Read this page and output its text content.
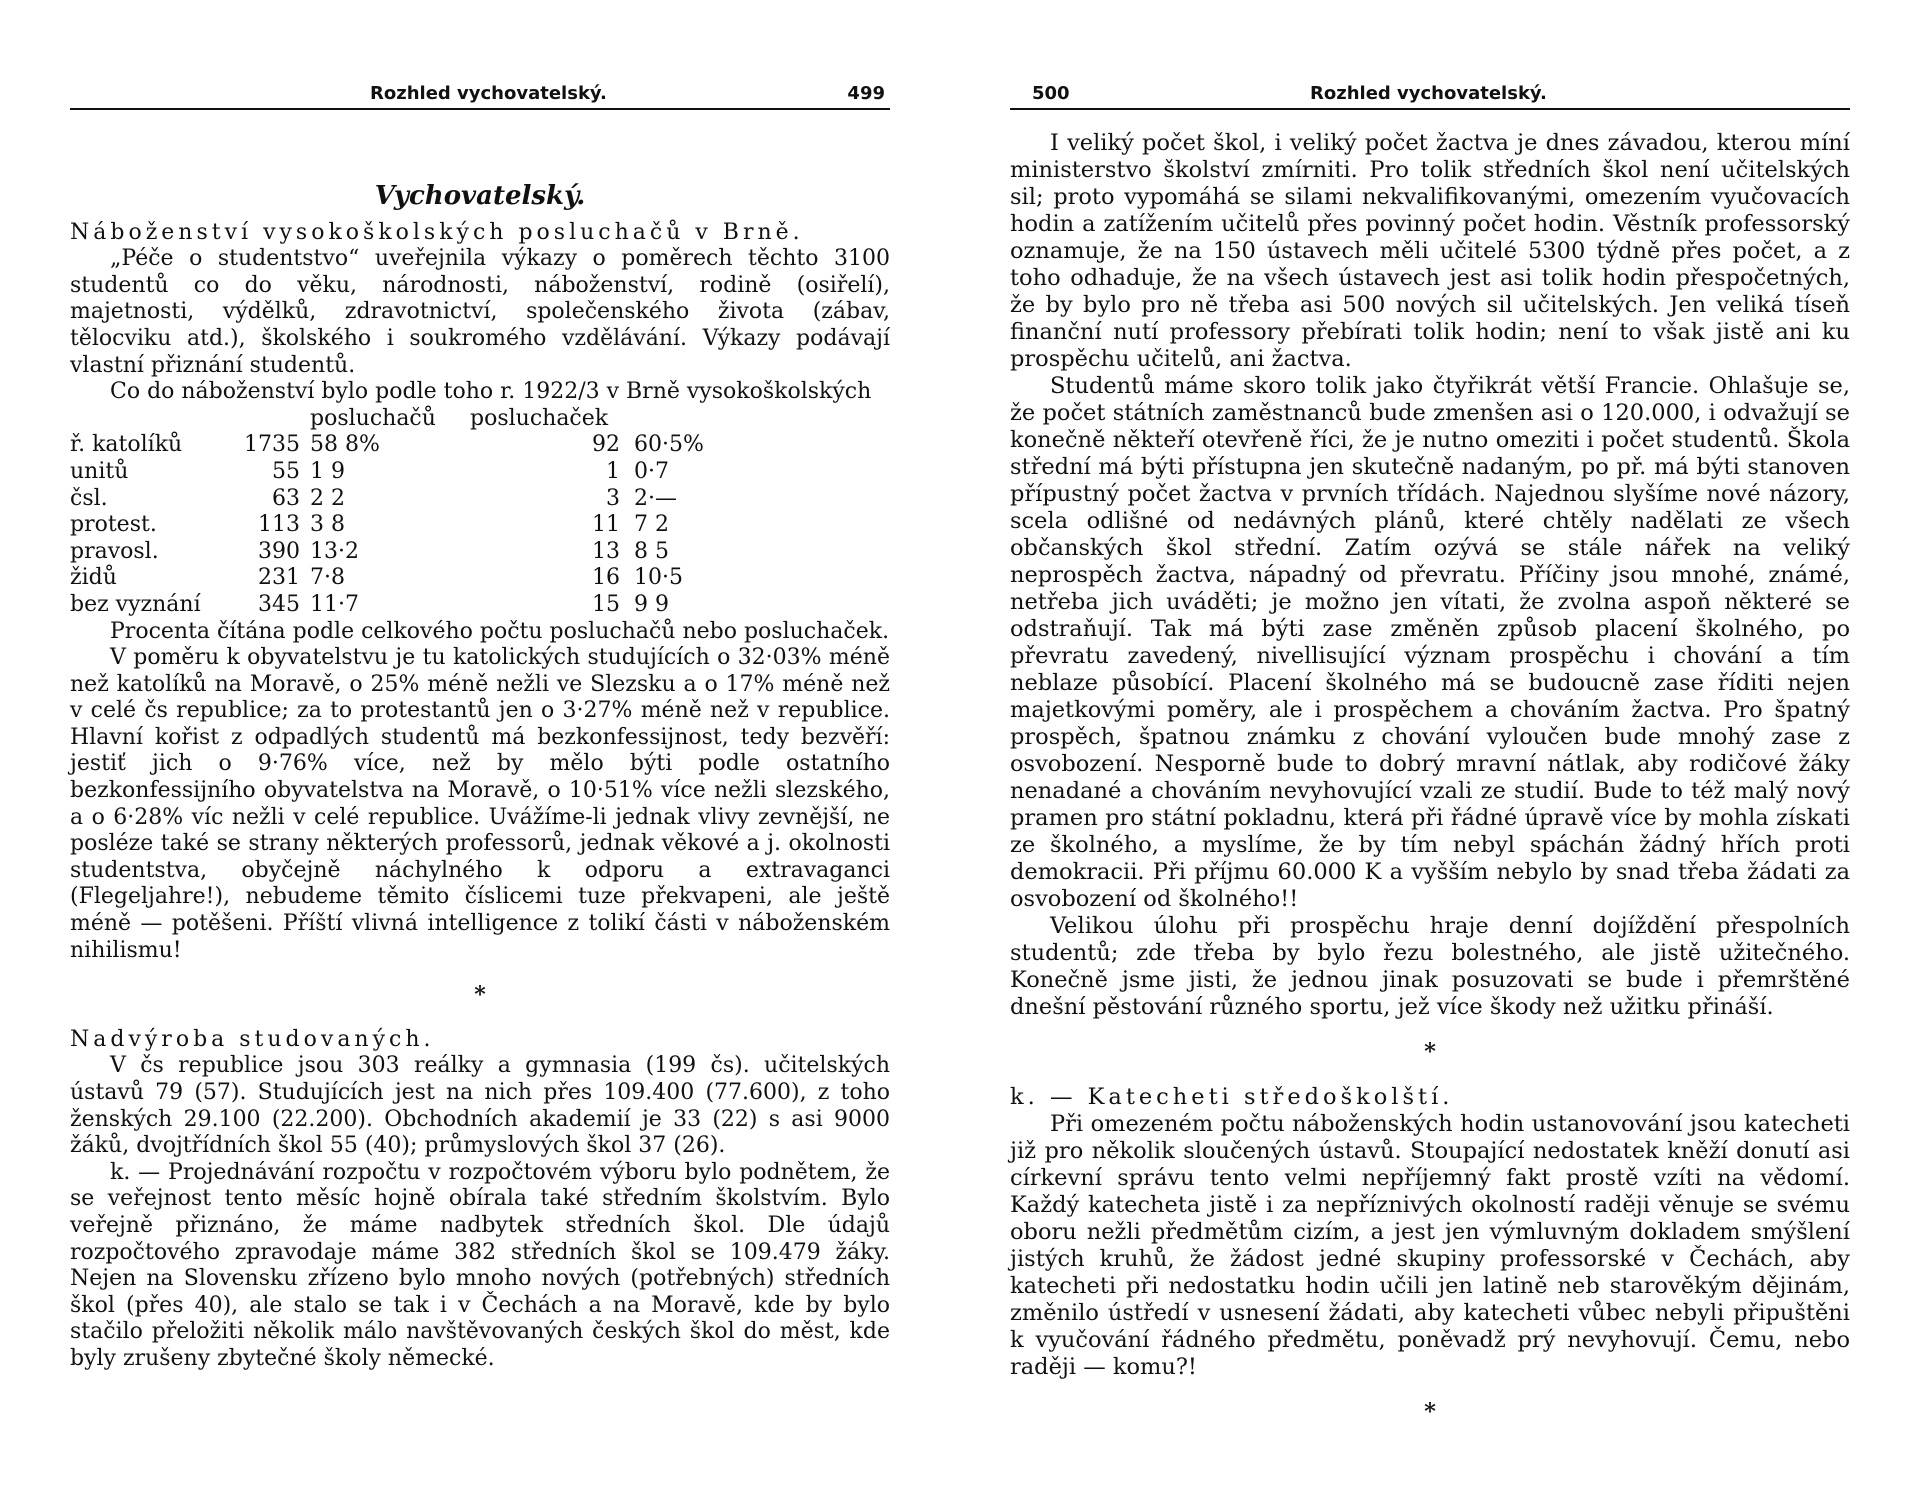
Rozhled vychovatelský.	499
Vychovatelský.
Náboženství vysokoškolských posluchačů v Brně.

„Péče o studentstvo“ uveřejnila výkazy o poměrech těchto 3100 studentů co do věku, národnosti, náboženství, rodině (osiřelí), majetnosti, výdělků, zdravotnictví, společenského života (zábav, tělocviku atd.), školského i soukromého vzdělávání. Výkazy podávají vlastní přiznání studentů.

Co do náboženství bylo podle toho r. 1922/3 v Brně vysokoškolských

		posluchačů	posluchaček	
ř. katolíků	1735	58 8%	92	60·5%
unitů	55	1 9	1	0·7
čsl.	63	2 2	3	2·—
protest.	113	3 8	11	7 2
pravosl.	390	13·2	13	8 5
židů	231	7·8	16	10·5
bez vyznání	345	11·7	15	9 9

Procenta čítána podle celkového počtu posluchačů nebo posluchaček.

V poměru k obyvatelstvu je tu katolických studujících o 32·03% méně než katolíků na Moravě, o 25% méně nežli ve Slezsku a o 17% méně než v celé čs republice; za to protestantů jen o 3·27% méně než v republice. Hlavní kořist z odpadlých studentů má bezkonfessijnost, tedy bezvěří: jestiť jich o 9·76% více, než by mělo býti podle ostatního bezkonfessijního obyvatelstva na Moravě, o 10·51% více nežli slezského, a o 6·28% víc nežli v celé republice. Uvážíme-li jednak vlivy zevnější, ne posléze také se strany některých professorů, jednak věkové a j. okolnosti studentstva, obyčejně náchylného k odporu a extravaganci (Flegeljahre!), nebudeme těmito číslicemi tuze překvapeni, ale ještě méně — potěšeni. Příští vlivná intelligence z tolikí části v náboženském nihilismu!

*
Nadvýroba studovaných.

V čs republice jsou 303 reálky a gymnasia (199 čs). učitelských ústavů 79 (57). Studujících jest na nich přes 109.400 (77.600), z toho ženských 29.100 (22.200). Obchodních akademií je 33 (22) s asi 9000 žáků, dvojtřídních škol 55 (40); průmyslových škol 37 (26).

k. — Projednávání rozpočtu v rozpočtovém výboru bylo podnětem, že se veřejnost tento měsíc hojně obírala také středním školstvím. Bylo veřejně přiznáno, že máme nadbytek středních škol. Dle údajů rozpočtového zpravodaje máme 382 středních škol se 109.479 žáky. Nejen na Slovensku zřízeno bylo mnoho nových (potřebných) středních škol (přes 40), ale stalo se tak i v Čechách a na Moravě, kde by bylo stačilo přeložiti několik málo navštěvovaných českých škol do měst, kde byly zrušeny zbytečné školy německé.

500	Rozhled vychovatelský.

I veliký počet škol, i veliký počet žactva je dnes závadou, kterou míní ministerstvo školství zmírniti. Pro tolik středních škol není učitelských sil; proto vypomáhá se silami nekvalifikovanými, omezením vyučovacích hodin a zatížením učitelů přes povinný počet hodin. Věstník professorský oznamuje, že na 150 ústavech měli učitelé 5300 týdně přes počet, a z toho odhaduje, že na všech ústavech jest asi tolik hodin přespočetných, že by bylo pro ně třeba asi 500 nových sil učitelských. Jen veliká tíseň finanční nutí professory přebírati tolik hodin; není to však jistě ani ku prospěchu učitelů, ani žactva.

Studentů máme skoro tolik jako čtyřikrát větší Francie. Ohlašuje se, že počet státních zaměstnanců bude zmenšen asi o 120.000, i odvažují se konečně někteří otevřeně říci, že je nutno omeziti i počet studentů. Škola střední má býti přístupna jen skutečně nadaným, po př. má býti stanoven přípustný počet žactva v prvních třídách. Najednou slyšíme nové názory, scela odlišné od nedávných plánů, které chtěly nadělati ze všech občanských škol střední. Zatím ozývá se stále nářek na veliký neprospěch žactva, nápadný od převratu. Příčiny jsou mnohé, známé, netřeba jich uváděti; je možno jen vítati, že zvolna aspoň některé se odstraňují. Tak má býti zase změněn způsob placení školného, po převratu zavedený, nivellisující význam prospěchu i chování a tím neblaze působící. Placení školného má se budoucně zase říditi nejen majetkovými poměry, ale i prospěchem a chováním žactva. Pro špatný prospěch, špatnou známku z chování vyloučen bude mnohý zase z osvobození. Nesporně bude to dobrý mravní nátlak, aby rodičové žáky nenadané a chováním nevyhovující vzali ze studií. Bude to též malý nový pramen pro státní pokladnu, která při řádné úpravě více by mohla získati ze školného, a myslíme, že by tím nebyl spáchán žádný hřích proti demokracii. Při příjmu 60.000 K a vyšším nebylo by snad třeba žádati za osvobození od školného!!

Velikou úlohu při prospěchu hraje denní dojíždění přespolních studentů; zde třeba by bylo řezu bolestného, ale jistě užitečného. Konečně jsme jisti, že jednou jinak posuzovati se bude i přemrštěné dnešní pěstování různého sportu, jež více škody než užitku přináší.

*
k. — Katecheti středoškolští.

Při omezeném počtu náboženských hodin ustanovování jsou katecheti již pro několik sloučených ústavů. Stoupající nedostatek kněží donutí asi církevní správu tento velmi nepříjemný fakt prostě vzíti na vědomí. Každý katecheta jistě i za nepříznivých okolností raději věnuje se svému oboru nežli předmětům cizím, a jest jen výmluvným dokladem smýšlení jistých kruhů, že žádost jedné skupiny professorské v Čechách, aby katecheti při nedostatku hodin učili jen latině neb starověkým dějinám, změnilo ústředí v usnesení žádati, aby katecheti vůbec nebyli připuštěni k vyučování řádného předmětu, poněvadž prý nevyhovují. Čemu, nebo raději — komu?!

*
